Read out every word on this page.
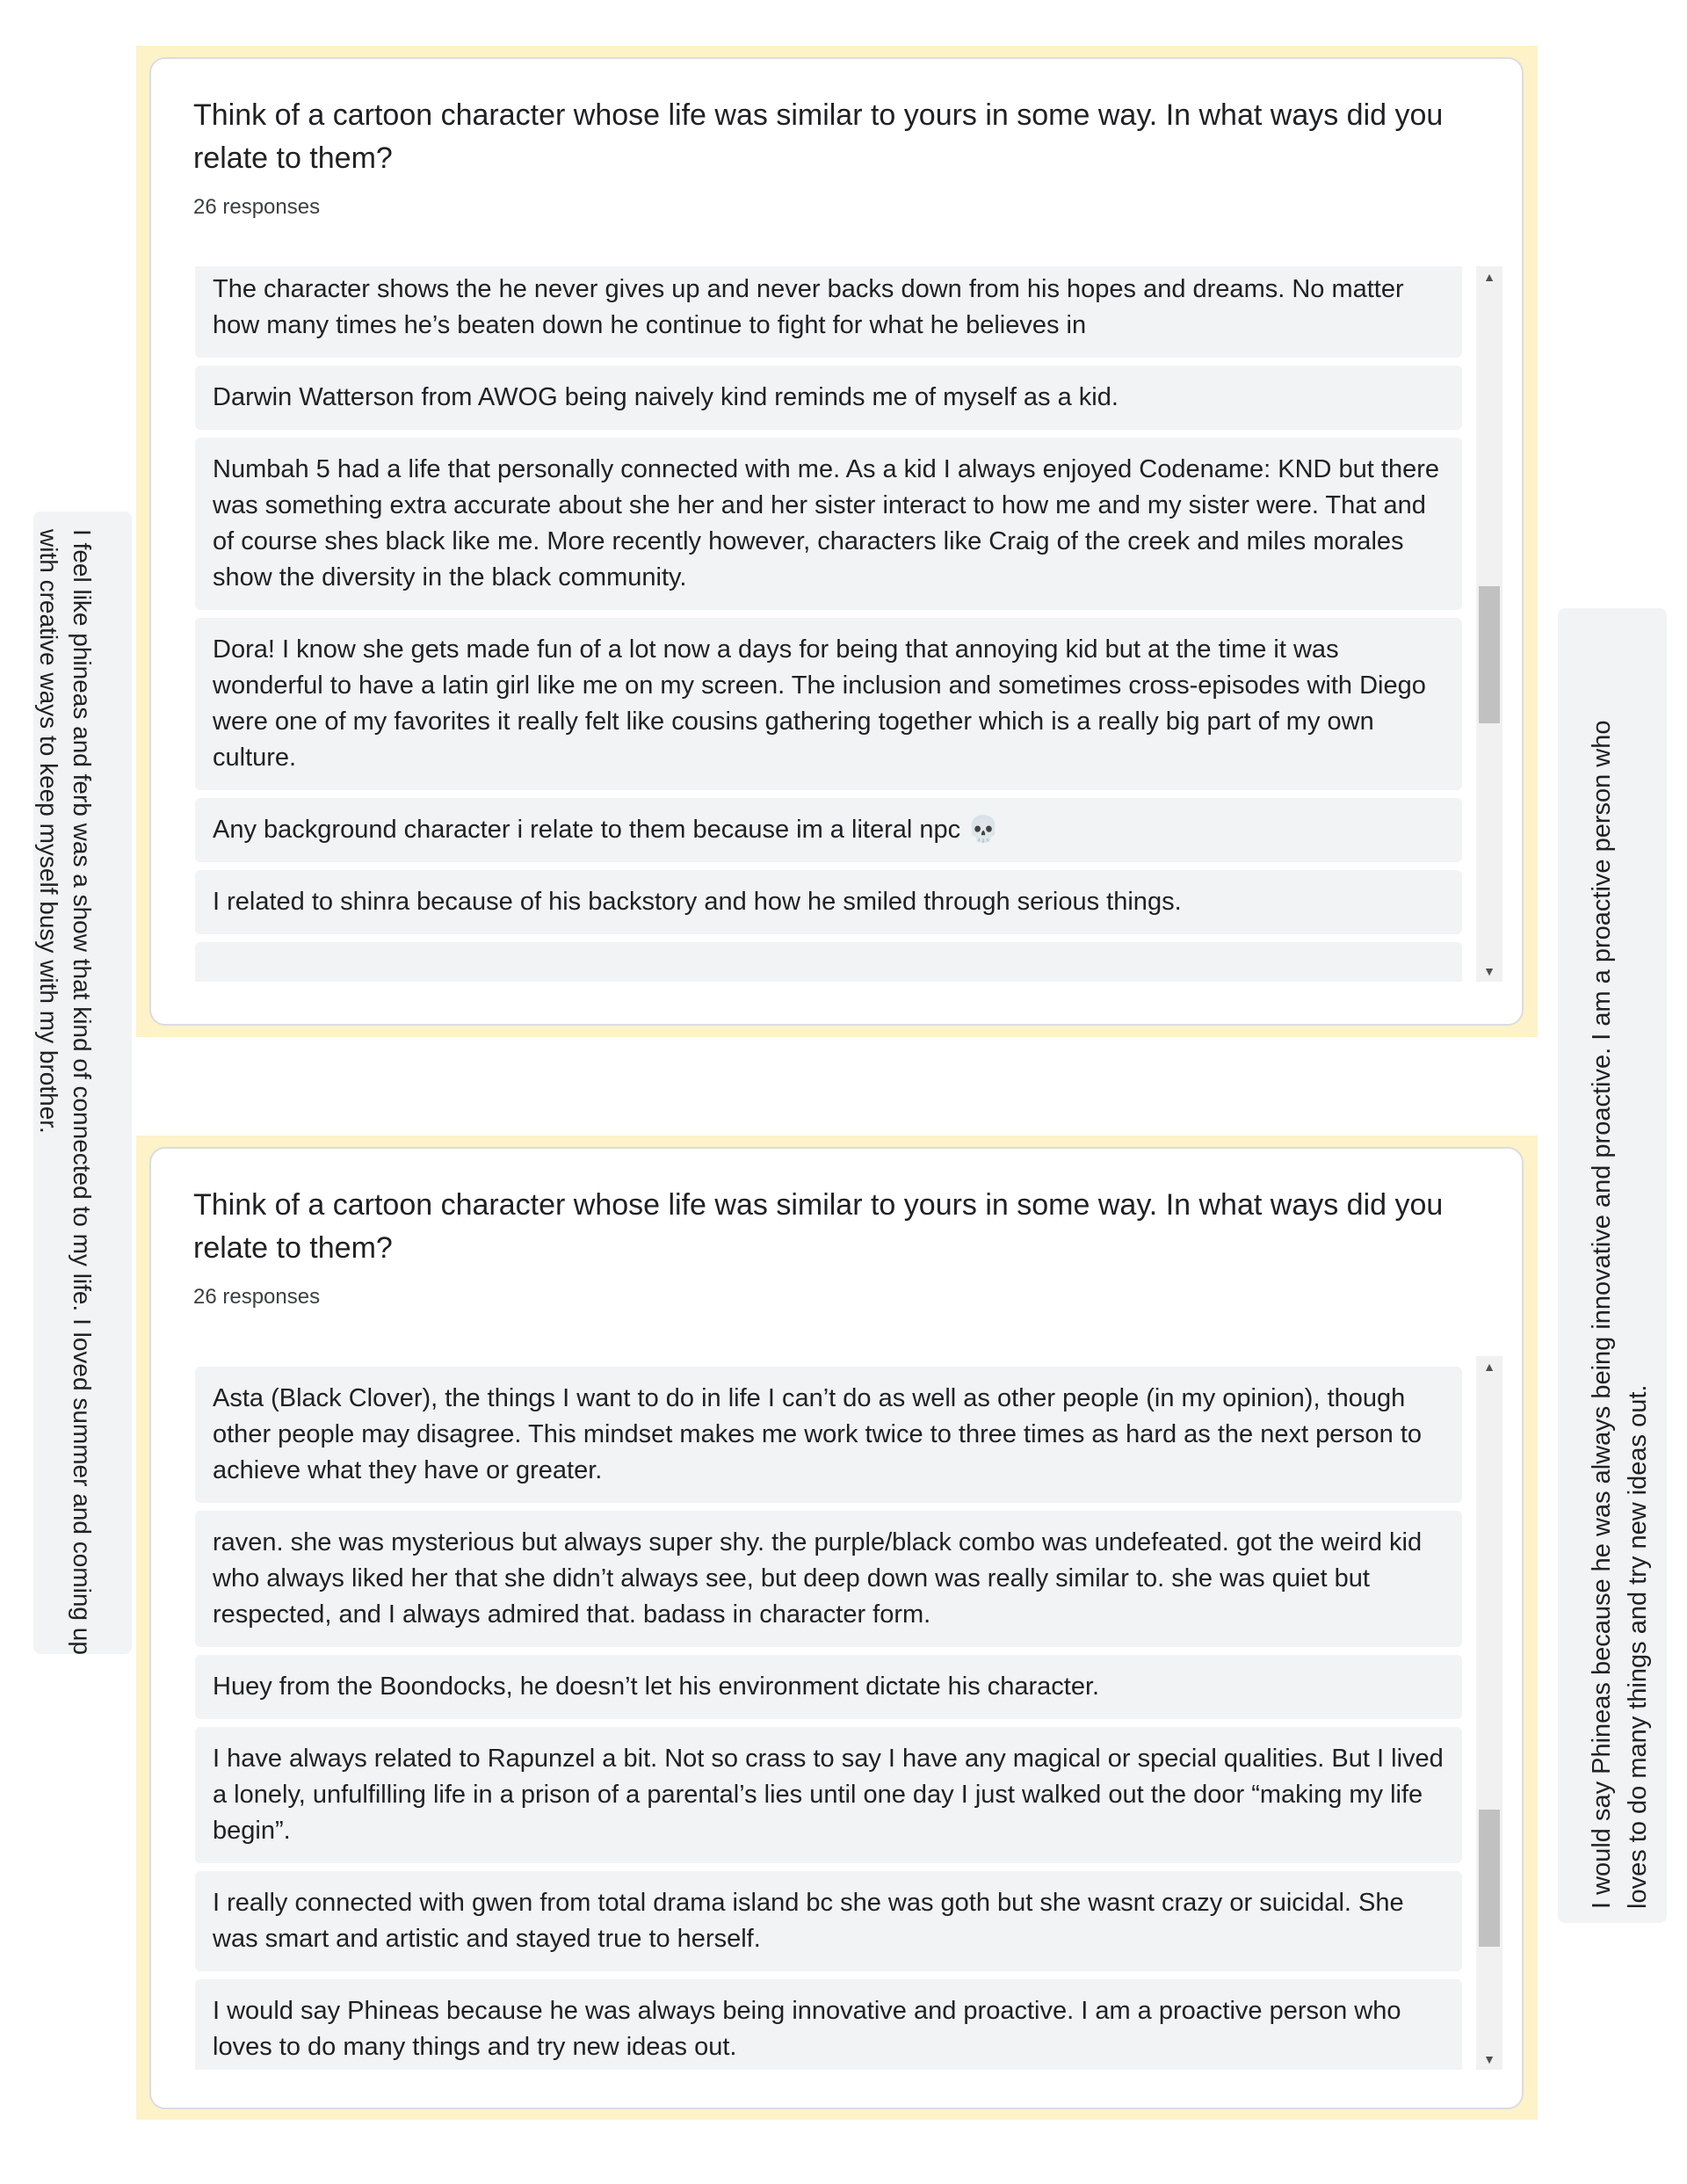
I feel like phineas and ferb was a show that kind of connected to my life. I loved summer and coming up
with creative ways to keep myself busy with my brother.
Think of a cartoon character whose life was similar to yours in some way. In what ways did you relate to them?
26 responses
The character shows the he never gives up and never backs down from his hopes and dreams. No matter how many times he’s beaten down he continue to fight for what he believes in
Darwin Watterson from AWOG being naively kind reminds me of myself as a kid.
Numbah 5 had a life that personally connected with me. As a kid I always enjoyed Codename: KND but there was something extra accurate about she her and her sister interact to how me and my sister were. That and of course shes black like me. More recently however, characters like Craig of the creek and miles morales show the diversity in the black community.
Dora! I know she gets made fun of a lot now a days for being that annoying kid but at the time it was wonderful to have a latin girl like me on my screen. The inclusion and sometimes cross-episodes with Diego were one of my favorites it really felt like cousins gathering together which is a really big part of my own culture.
Any background character i relate to them because im a literal npc 💀
I related to shinra because of his backstory and how he smiled through serious things.
▲
▼
Think of a cartoon character whose life was similar to yours in some way. In what ways did you relate to them?
26 responses
Asta (Black Clover), the things I want to do in life I can’t do as well as other people (in my opinion), though other people may disagree. This mindset makes me work twice to three times as hard as the next person to achieve what they have or greater.
raven. she was mysterious but always super shy. the purple/black combo was undefeated. got the weird kid who always liked her that she didn’t always see, but deep down was really similar to. she was quiet but respected, and I always admired that. badass in character form.
Huey from the Boondocks, he doesn’t let his environment dictate his character.
I have always related to Rapunzel a bit. Not so crass to say I have any magical or special qualities. But I lived a lonely, unfulfilling life in a prison of a parental’s lies until one day I just walked out the door “making my life begin”.
I really connected with gwen from total drama island bc she was goth but she wasnt crazy or suicidal. She was smart and artistic and stayed true to herself.
I would say Phineas because he was always being innovative and proactive. I am a proactive person who loves to do many things and try new ideas out.
▲
▼
I would say Phineas because he was always being innovative and proactive. I am a proactive person who loves to do many things and try new ideas out.
